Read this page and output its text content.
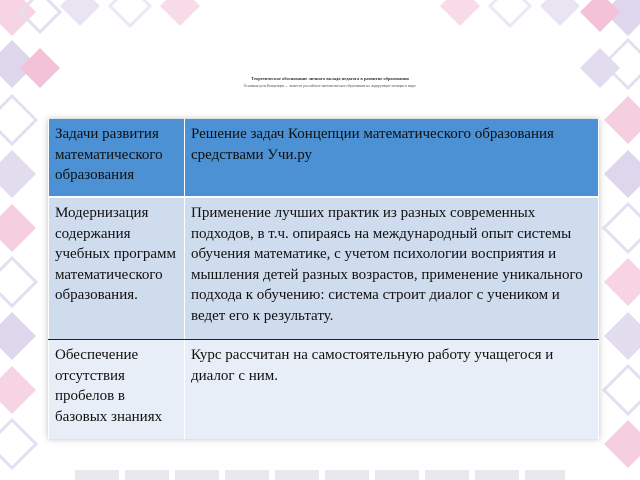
Теоретическое обоснование личного вклада педагога в развитие образования
Основная цель Концепции — вывести российское математическое образование на лидирующие позиции в мире.
Задачи развития математического образования	Решение задач Концепции математического образования средствами Учи.ру
Модернизация содержания учебных программ математического образования.	Применение лучших практик из разных современных подходов, в т.ч. опираясь на международный опыт системы обучения математике, с учетом психологии восприятия и мышления детей разных возрастов, применение уникального подхода к обучению: система строит диалог с учеником и ведет его к результату.
Обеспечение отсутствия пробелов в базовых знаниях	Курс рассчитан на самостоятельную работу учащегося и диалог с ним.
